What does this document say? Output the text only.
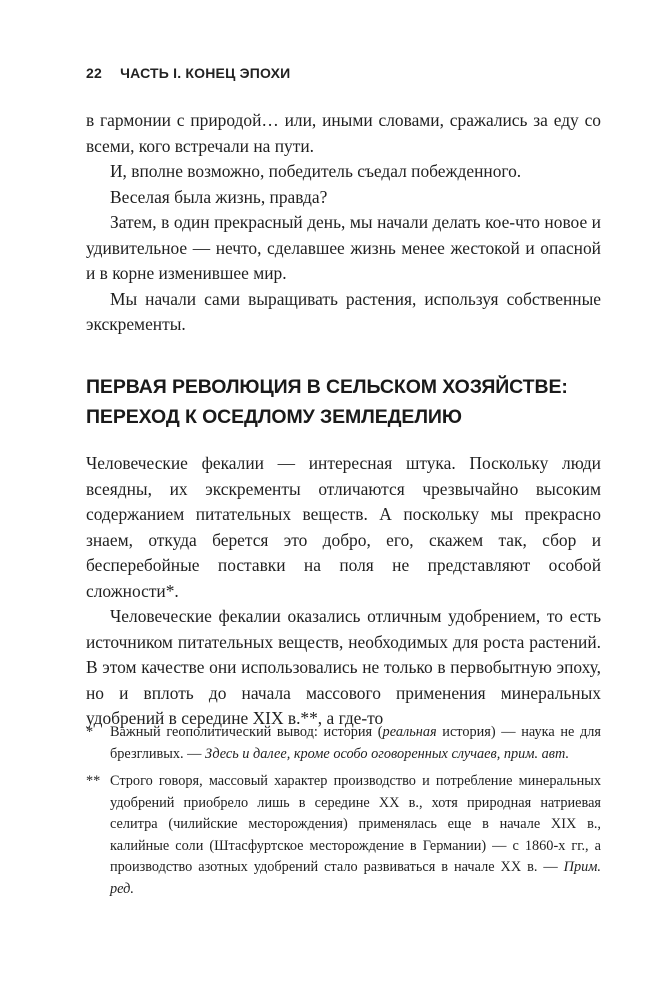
22 ЧАСТЬ I. КОНЕЦ ЭПОХИ

в гармонии с природой… или, иными словами, сражались за еду со всеми, кого встречали на пути.

И, вполне возможно, победитель съедал побежденного.

Веселая была жизнь, правда?

Затем, в один прекрасный день, мы начали делать кое-что новое и удивительное — нечто, сделавшее жизнь менее жестокой и опасной и в корне изменившее мир.

Мы начали сами выращивать растения, используя собственные экскременты.

ПЕРВАЯ РЕВОЛЮЦИЯ В СЕЛЬСКОМ ХОЗЯЙСТВЕ:
ПЕРЕХОД К ОСЕДЛОМУ ЗЕМЛЕДЕЛИЮ

Человеческие фекалии — интересная штука. Поскольку люди всеядны, их экскременты отличаются чрезвычайно высоким содержанием питательных веществ. А поскольку мы прекрасно знаем, откуда берется это добро, его, скажем так, сбор и бесперебойные поставки на поля не представляют особой сложности*.

Человеческие фекалии оказались отличным удобрением, то есть источником питательных веществ, необходимых для роста растений. В этом качестве они использовались не только в первобытную эпоху, но и вплоть до начала массового применения минеральных удобрений в середине XIX в.**, а где-то

*	Важный геополитический вывод: история (реальная история) — наука не для брезгливых. — Здесь и далее, кроме особо оговоренных случаев, прим. авт.
** Строго говоря, массовый характер производство и потребление минеральных удобрений приобрело лишь в середине XX в., хотя природная натриевая селитра (чилийские месторождения) применялась еще в начале XIX в., калийные соли (Штасфуртское месторождение в Германии) — с 1860-х гг., а производство азотных удобрений стало развиваться в начале XX в. — Прим. ред.
